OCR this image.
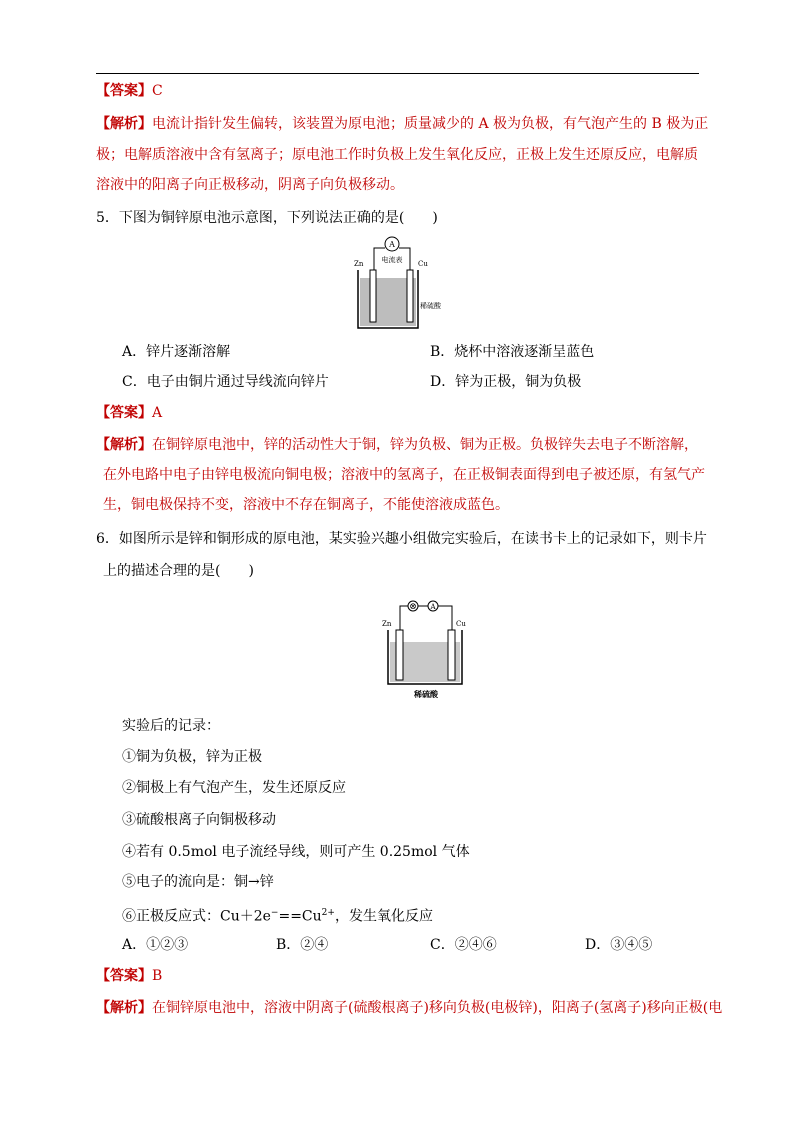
【答案】C
【解析】电流计指针发生偏转，该装置为原电池；质量减少的 A 极为负极，有气泡产生的 B 极为正
极；电解质溶液中含有氢离子；原电池工作时负极上发生氧化反应，正极上发生还原反应，电解质
溶液中的阳离子向正极移动，阴离子向负极移动。
5．下图为铜锌原电池示意图，下列说法正确的是(　　)
A
电流表
Zn	Cu
稀硫酸
A．锌片逐渐溶解	B．烧杯中溶液逐渐呈蓝色
C．电子由铜片通过导线流向锌片	D．锌为正极，铜为负极
【答案】A
【解析】在铜锌原电池中，锌的活动性大于铜，锌为负极、铜为正极。负极锌失去电子不断溶解，
在外电路中电子由锌电极流向铜电极；溶液中的氢离子，在正极铜表面得到电子被还原，有氢气产
生，铜电极保持不变，溶液中不存在铜离子，不能使溶液成蓝色。
6．如图所示是锌和铜形成的原电池，某实验兴趣小组做完实验后，在读书卡上的记录如下，则卡片
上的描述合理的是(　　)
⊗ A
Zn	Cu
稀硫酸
实验后的记录：
①铜为负极，锌为正极
②铜极上有气泡产生，发生还原反应
③硫酸根离子向铜极移动
④若有 0.5mol 电子流经导线，则可产生 0.25mol 气体
⑤电子的流向是：铜→锌
⑥正极反应式：$Cu+2e^-==Cu^{2+}$，发生氧化反应
A．①②③	B．②④	C．②④⑥	D．③④⑤
【答案】B
【解析】在铜锌原电池中，溶液中阴离子(硫酸根离子)移向负极(电极锌)，阳离子(氢离子)移向正极(电
